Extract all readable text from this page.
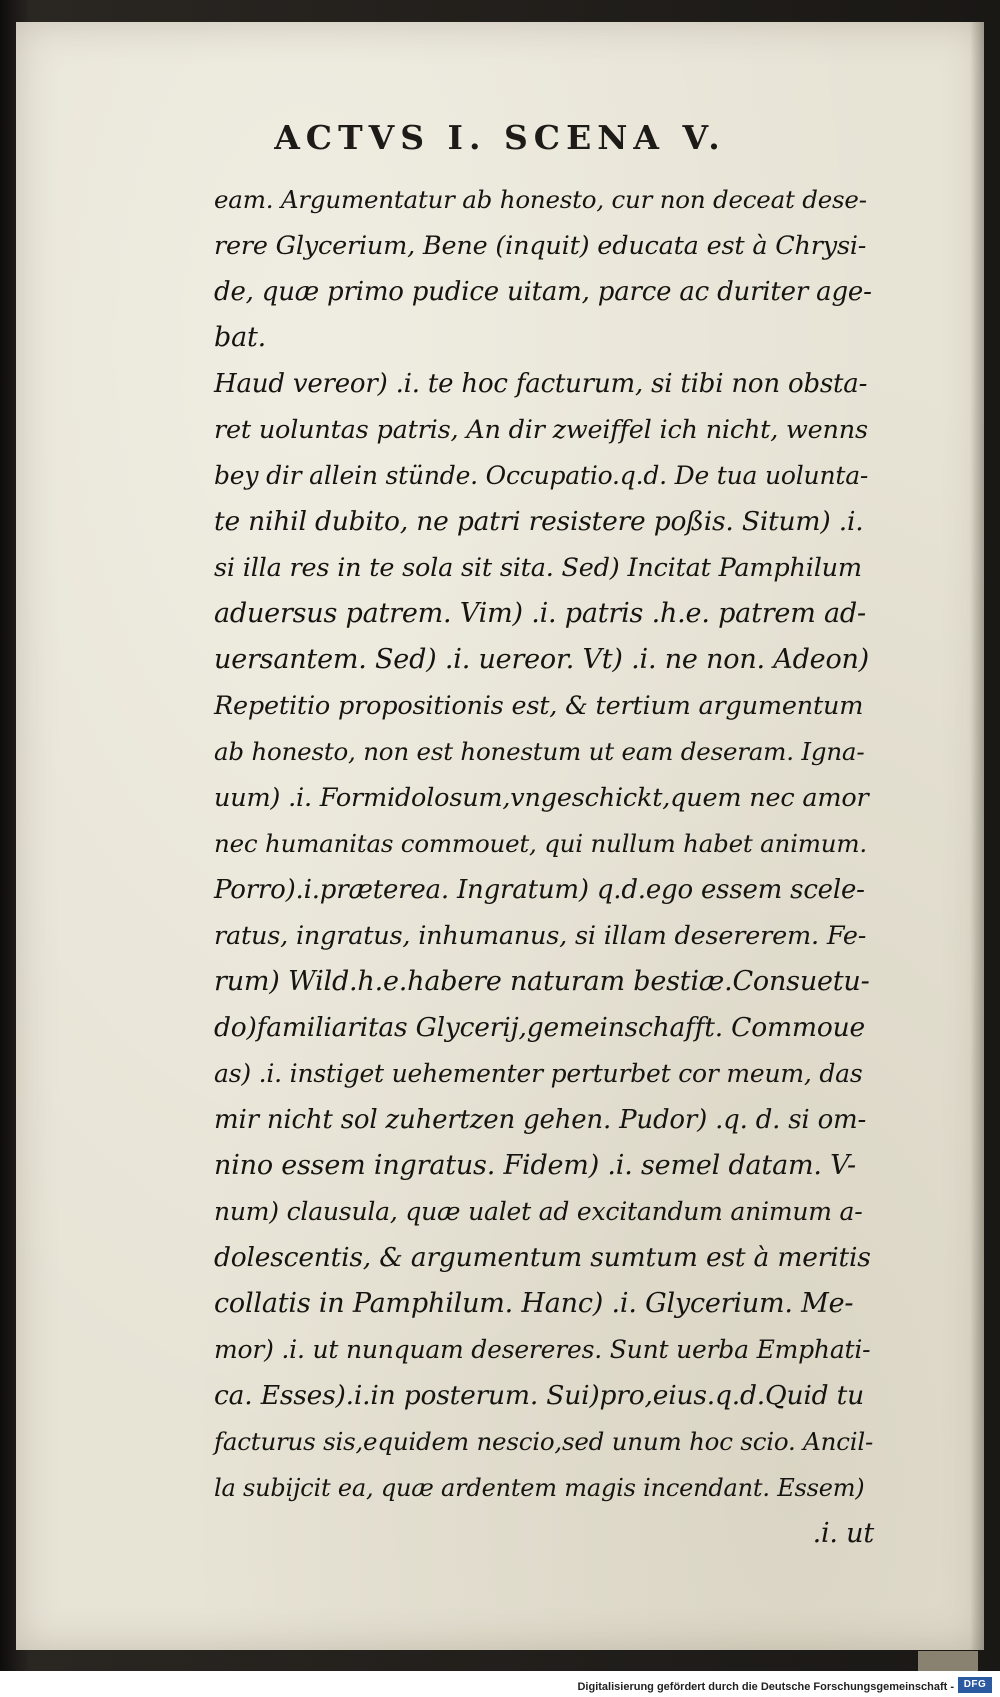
ACTVS I. SCENA V.
eam. Argumentatur ab honesto, cur non deceat dese-
rere Glycerium, Bene (inquit) educata est à Chrysi-
de, quæ primo pudice uitam, parce ac duriter age-
bat.
Haud vereor) .i. te hoc facturum, si tibi non obsta-
ret uoluntas patris, An dir zweiffel ich nicht, wenns
bey dir allein stünde. Occupatio.q.d. De tua uolunta-
te nihil dubito, ne patri resistere poßis. Situm) .i.
si illa res in te sola sit sita. Sed) Incitat Pamphilum
aduersus patrem. Vim) .i. patris .h.e. patrem ad-
uersantem. Sed) .i. uereor. Vt) .i. ne non. Adeon)
Repetitio propositionis est, & tertium argumentum
ab honesto, non est honestum ut eam deseram. Igna-
uum) .i. Formidolosum,vngeschickt,quem nec amor
nec humanitas commouet, qui nullum habet animum.
Porro).i.præterea. Ingratum) q.d.ego essem scele-
ratus, ingratus, inhumanus, si illam desererem. Fe-
rum) Wild.h.e.habere naturam bestiæ.Consuetu-
do)familiaritas Glycerij,gemeinschafft. Commoue
as) .i. instiget uehementer perturbet cor meum, das
mir nicht sol zuhertzen gehen. Pudor) .q. d. si om-
nino essem ingratus. Fidem) .i. semel datam. V-
num) clausula, quæ ualet ad excitandum animum a-
dolescentis, & argumentum sumtum est à meritis
collatis in Pamphilum. Hanc) .i. Glycerium. Me-
mor) .i. ut nunquam desereres. Sunt uerba Emphati-
ca. Esses).i.in posterum. Sui)pro,eius.q.d.Quid tu
facturus sis,equidem nescio,sed unum hoc scio. Ancil-
la subijcit ea, quæ ardentem magis incendant. Essem)
.i. ut
Digitalisierung gefördert durch die Deutsche Forschungsgemeinschaft - DFG
